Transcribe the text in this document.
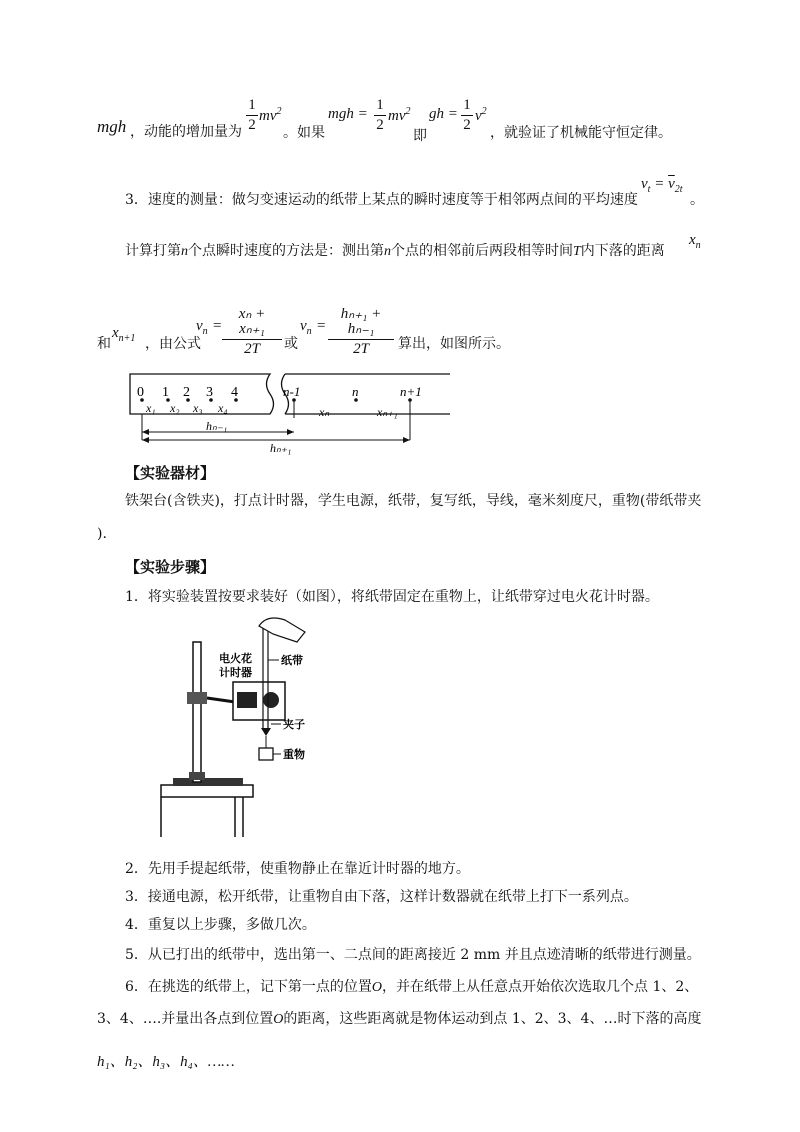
mgh ，动能的增加量为
1
2
$mv^2$
。如果
mgh =
1
2
$mv^2$
即
gh =
1
2
$v^2$
，就验证了机械能守恒定律。
3．速度的测量：做匀变速运动的纸带上某点的瞬时速度等于相邻两点间的平均速度
$v_t = \overline{v}_{2t}$
。
计算打第n个点瞬时速度的方法是：测出第n个点的相邻前后两段相等时间T内下落的距离
$x_n$
和
$x_{n+1}$ ，由公式
$v_n$ =
xₙ + xₙ₊₁
2T	或
$v_n$ =
hₙ₊₁ + hₙ₋₁
2T	算出，如图所示。
0 1 2 3 4
x₁ x₂ x₃ x₄
n-1	n	n+1
xₙ	xₙ₊₁
hₙ₋₁
hₙ₊₁
【实验器材】
铁架台(含铁夹)，打点计时器，学生电源，纸带，复写纸，导线，毫米刻度尺，重物(带纸带夹
).
【实验步骤】
1．将实验装置按要求装好（如图），将纸带固定在重物上，让纸带穿过电火花计时器。
电火花
计时器
纸带
夹子
重物
2．先用手提起纸带，使重物静止在靠近计时器的地方。
3．接通电源，松开纸带，让重物自由下落，这样计数器就在纸带上打下一系列点。
4．重复以上步骤，多做几次。
5．从已打出的纸带中，选出第一、二点间的距离接近 2 mm 并且点迹清晰的纸带进行测量。
6．在挑选的纸带上，记下第一点的位置O，并在纸带上从任意点开始依次选取几个点 1、2、
3、4、….并量出各点到位置O的距离，这些距离就是物体运动到点 1、2、3、4、…时下落的高度
h₁、h₂、h₃、h₄、……
